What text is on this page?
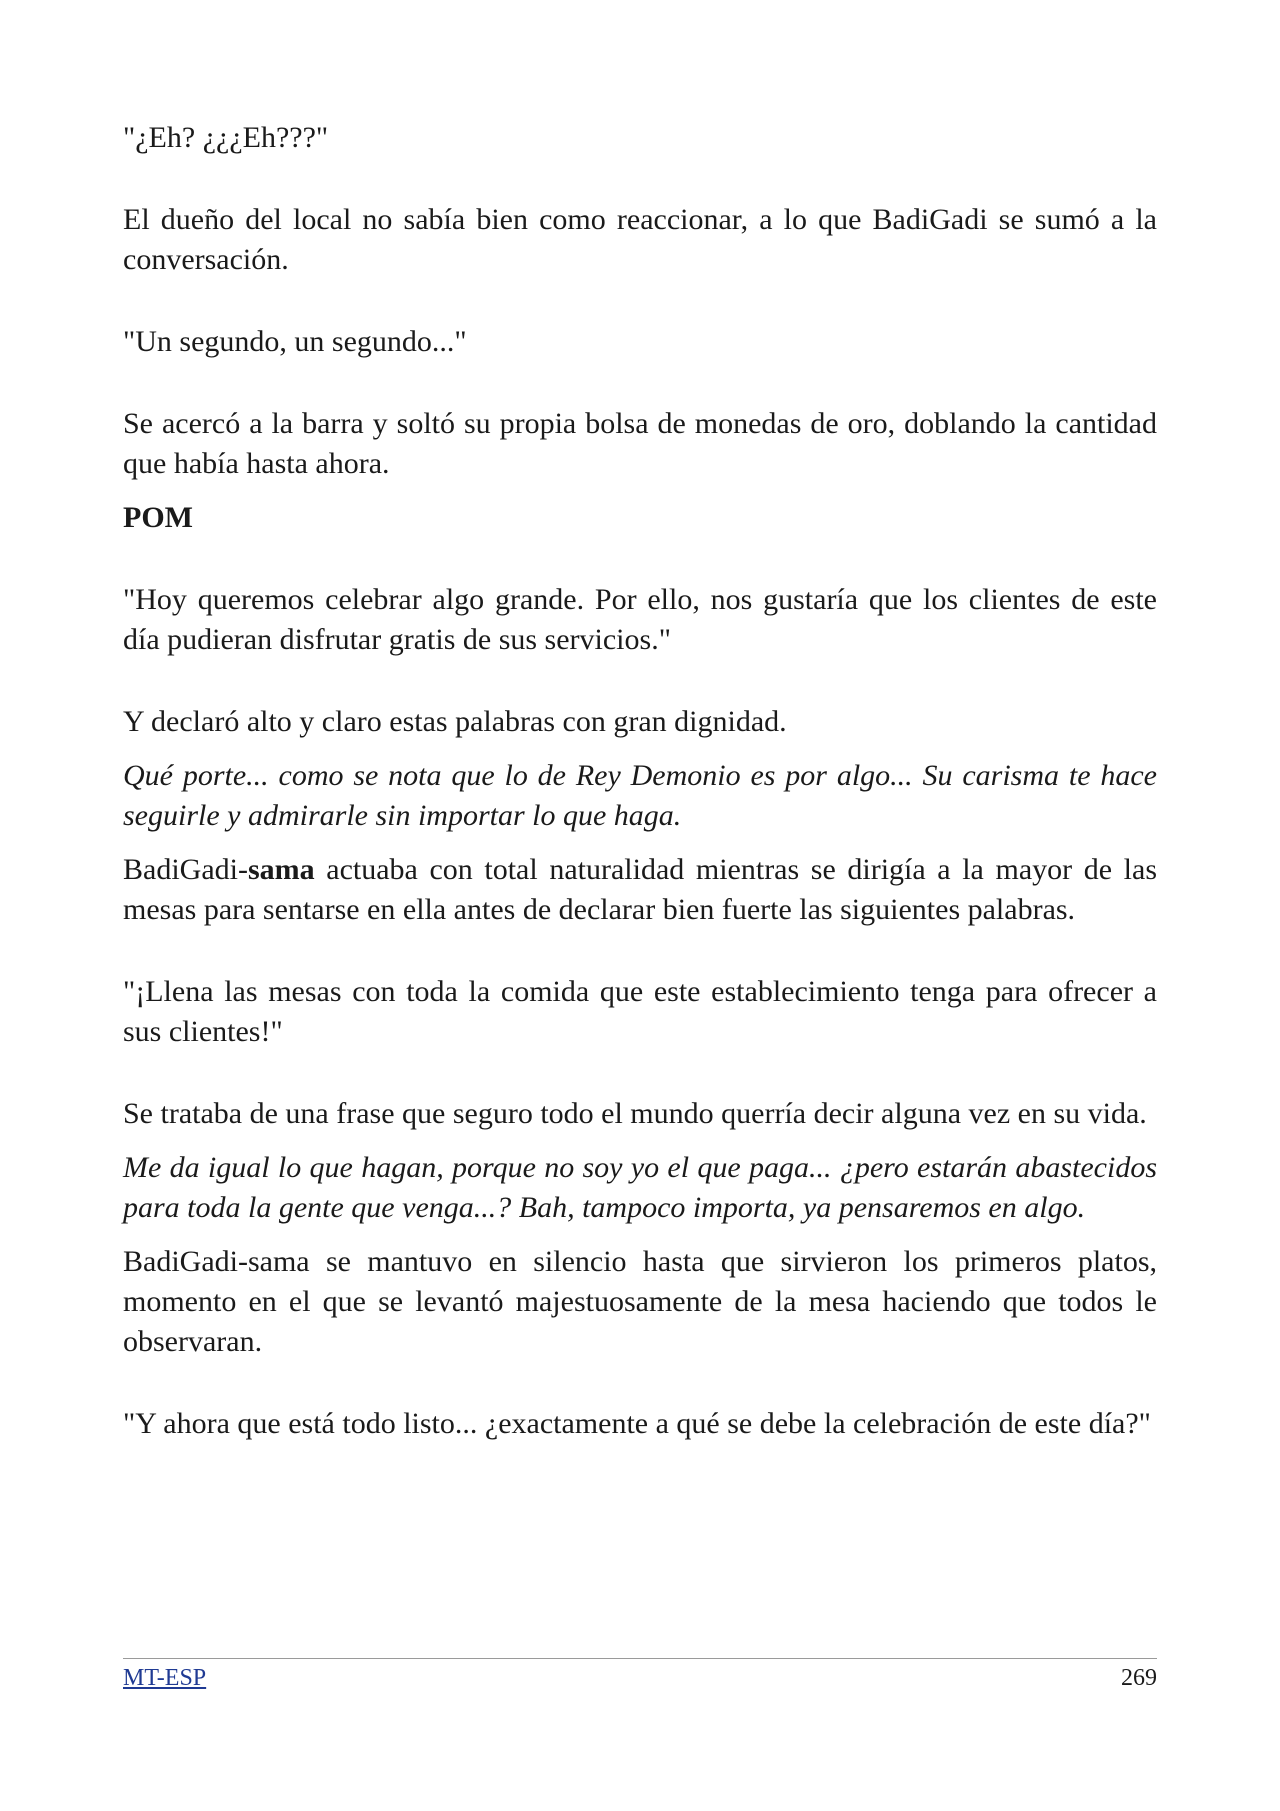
"¿Eh? ¿¿¿Eh???"

El dueño del local no sabía bien como reaccionar, a lo que BadiGadi se sumó a la conversación.

"Un segundo, un segundo..."

Se acercó a la barra y soltó su propia bolsa de monedas de oro, doblando la cantidad que había hasta ahora.

POM

"Hoy queremos celebrar algo grande. Por ello, nos gustaría que los clientes de este día pudieran disfrutar gratis de sus servicios."

Y declaró alto y claro estas palabras con gran dignidad.

Qué porte... como se nota que lo de Rey Demonio es por algo... Su carisma te hace seguirle y admirarle sin importar lo que haga.

BadiGadi-sama actuaba con total naturalidad mientras se dirigía a la mayor de las mesas para sentarse en ella antes de declarar bien fuerte las siguientes palabras.

"¡Llena las mesas con toda la comida que este establecimiento tenga para ofrecer a sus clientes!"

Se trataba de una frase que seguro todo el mundo querría decir alguna vez en su vida.

Me da igual lo que hagan, porque no soy yo el que paga... ¿pero estarán abastecidos para toda la gente que venga...? Bah, tampoco importa, ya pensaremos en algo.

BadiGadi-sama se mantuvo en silencio hasta que sirvieron los primeros platos, momento en el que se levantó majestuosamente de la mesa haciendo que todos le observaran.

"Y ahora que está todo listo... ¿exactamente a qué se debe la celebración de este día?"

MT-ESP	269
